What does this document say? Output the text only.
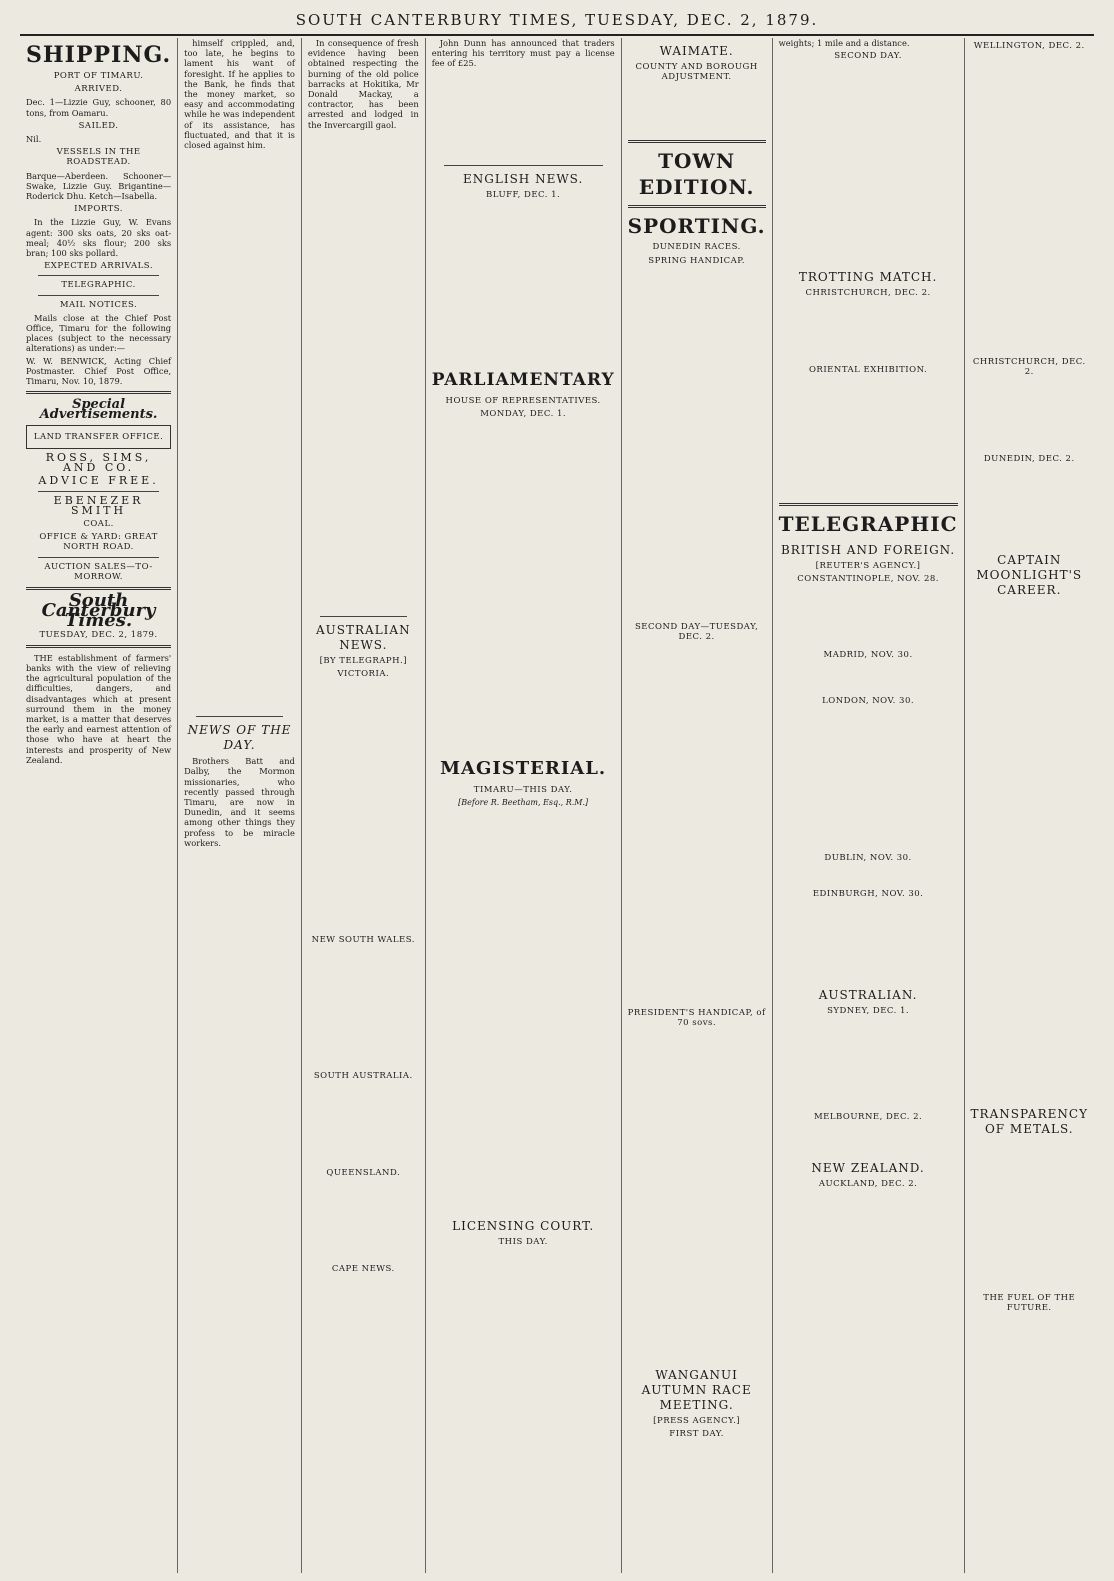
SOUTH CANTERBURY TIMES, TUESDAY, DEC. 2, 1879.
SHIPPING.
PORT OF TIMARU.
ARRIVED.

Dec. 1—Lizzie Guy, schooner, 80 tons, from Oamaru.

SAILED.

Nil.

VESSELS IN THE ROADSTEAD.

Barque—Aberdeen. Schooner—Swake, Lizzie Guy. Brigantine—Roderick Dhu. Ketch—Isabella.

IMPORTS.

In the Lizzie Guy, W. Evans agent: 300 sks oats, 20 sks oat-meal; 40½ sks flour; 200 sks bran; 100 sks pollard.

EXPECTED ARRIVALS.
TELEGRAPHIC.
MAIL NOTICES.

Mails close at the Chief Post Office, Timaru for the following places (subject to the necessary alterations) as under:—

W. W. BENWICK, Acting Chief Postmaster. Chief Post Office, Timaru, Nov. 10, 1879.

Special Advertisements.
LAND TRANSFER OFFICE.
ROSS, SIMS, AND CO.
ADVICE FREE.
EBENEZER SMITH
COAL.
OFFICE & YARD: GREAT NORTH ROAD.
AUCTION SALES—TO-MORROW.
South Canterbury Times.
TUESDAY, DEC. 2, 1879.

THE establishment of farmers' banks with the view of relieving the agricultural population of the difficulties, dangers, and disadvantages which at present surround them in the money market, is a matter that deserves the early and earnest attention of those who have at heart the interests and prosperity of New Zealand.

himself crippled, and, too late, he begins to lament his want of foresight. If he applies to the Bank, he finds that the money market, so easy and accommodating while he was independent of its assistance, has fluctuated, and that it is closed against him.

NEWS OF THE DAY.

Brothers Batt and Dalby, the Mormon missionaries, who recently passed through Timaru, are now in Dunedin, and it seems among other things they profess to be miracle workers.

In consequence of fresh evidence having been obtained respecting the burning of the old police barracks at Hokitika, Mr Donald Mackay, a contractor, has been arrested and lodged in the Invercargill gaol.

AUSTRALIAN NEWS.
[BY TELEGRAPH.]
VICTORIA.
NEW SOUTH WALES.
SOUTH AUSTRALIA.
QUEENSLAND.
CAPE NEWS.

John Dunn has announced that traders entering his territory must pay a license fee of £25.

ENGLISH NEWS.
BLUFF, DEC. 1.
PARLIAMENTARY
HOUSE OF REPRESENTATIVES.
MONDAY, DEC. 1.
MAGISTERIAL.
TIMARU—THIS DAY.
[Before R. Beetham, Esq., R.M.]
LICENSING COURT.
THIS DAY.
WAIMATE.
COUNTY AND BOROUGH ADJUSTMENT.
TOWN EDITION.
SPORTING.
DUNEDIN RACES.
SPRING HANDICAP.
SECOND DAY—TUESDAY, DEC. 2.
PRESIDENT'S HANDICAP, of 70 sovs.
WANGANUI AUTUMN RACE MEETING.
[PRESS AGENCY.]
FIRST DAY.

weights; 1 mile and a distance.

SECOND DAY.
TROTTING MATCH.
CHRISTCHURCH, DEC. 2.
ORIENTAL EXHIBITION.
TELEGRAPHIC
BRITISH AND FOREIGN.
[REUTER'S AGENCY.]
CONSTANTINOPLE, NOV. 28.
MADRID, NOV. 30.
LONDON, NOV. 30.
DUBLIN, NOV. 30.
EDINBURGH, NOV. 30.
AUSTRALIAN.
SYDNEY, DEC. 1.
MELBOURNE, DEC. 2.
NEW ZEALAND.
AUCKLAND, DEC. 2.
WELLINGTON, DEC. 2.
CHRISTCHURCH, DEC. 2.
DUNEDIN, DEC. 2.
CAPTAIN MOONLIGHT'S CAREER.
TRANSPARENCY OF METALS.
THE FUEL OF THE FUTURE.
